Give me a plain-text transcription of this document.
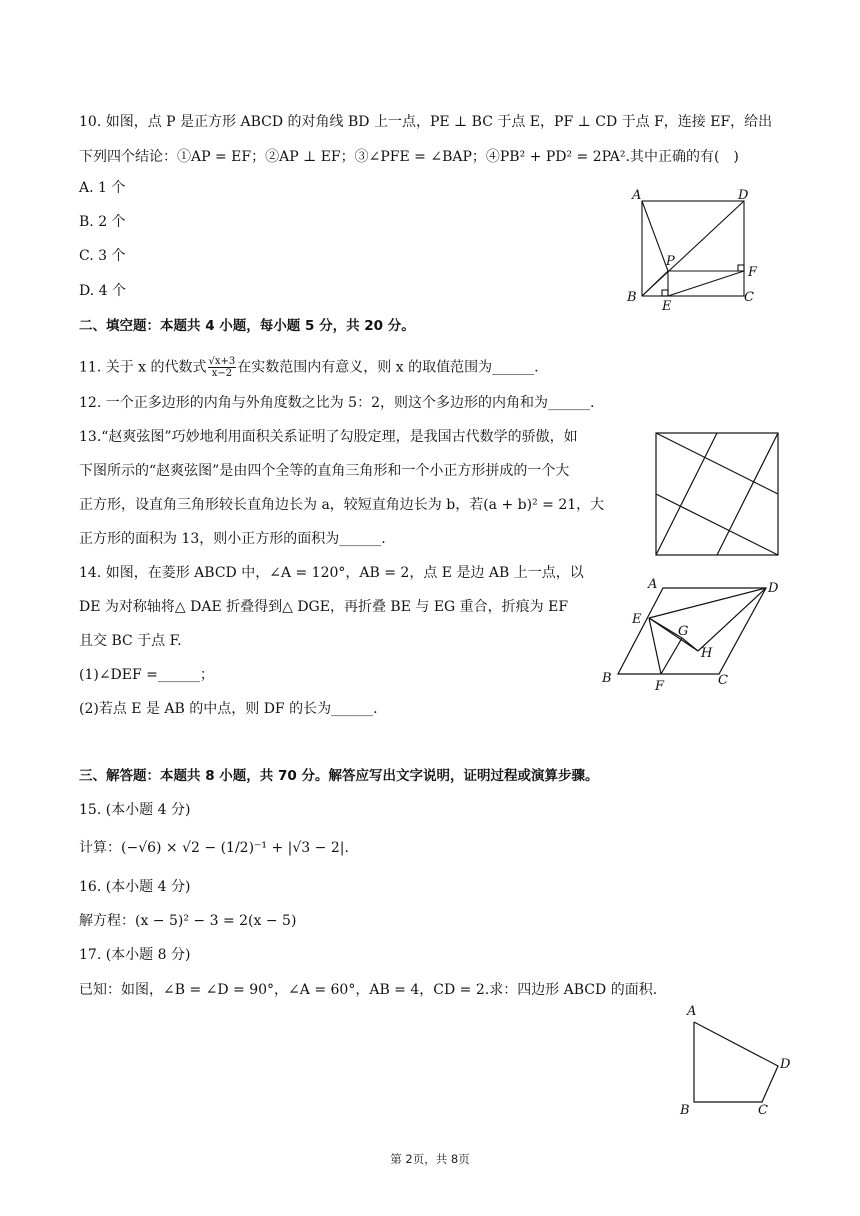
10. 如图，点 P 是正方形 ABCD 的对角线 BD 上一点，PE ⊥ BC 于点 E，PF ⊥ CD 于点 F，连接 EF，给出
下列四个结论：①AP = EF；②AP ⊥ EF；③∠PFE = ∠BAP；④PB² + PD² = 2PA².其中正确的有(　)
A. 1 个
B. 2 个
C. 3 个
D. 4 个
A	D
P
F
B
E
C
二、填空题：本题共 4 小题，每小题 5 分，共 20 分。
11. 关于 x 的代数式 $\frac{√x+3}{x-2}$ 在实数范围内有意义，则 x 的取值范围为______.
12. 一个正多边形的内角与外角度数之比为 5：2，则这个多边形的内角和为______.
13.“赵爽弦图”巧妙地利用面积关系证明了勾股定理，是我国古代数学的骄傲，如
下图所示的“赵爽弦图”是由四个全等的直角三角形和一个小正方形拼成的一个大
正方形，设直角三角形较长直角边长为 a，较短直角边长为 b，若(a + b)² = 21，大
正方形的面积为 13，则小正方形的面积为______.
14. 如图，在菱形 ABCD 中，∠A = 120°，AB = 2，点 E 是边 AB 上一点，以
DE 为对称轴将△ DAE 折叠得到△ DGE，再折叠 BE 与 EG 重合，折痕为 EF
且交 BC 于点 F.
(1)∠DEF =______；
(2)若点 E 是 AB 的中点，则 DF 的长为______.
A	D
E
G
H
B
F	C
三、解答题：本题共 8 小题，共 70 分。解答应写出文字说明，证明过程或演算步骤。
15. (本小题 4 分)
计算：(−√6) × √2 − (1/2)⁻¹ + |√3 − 2|.
16. (本小题 4 分)
解方程：(x − 5)² − 3 = 2(x − 5)
17. (本小题 8 分)
已知：如图，∠B = ∠D = 90°，∠A = 60°，AB = 4，CD = 2.求：四边形 ABCD 的面积.
A
D
B	C
第 2页，共 8页
